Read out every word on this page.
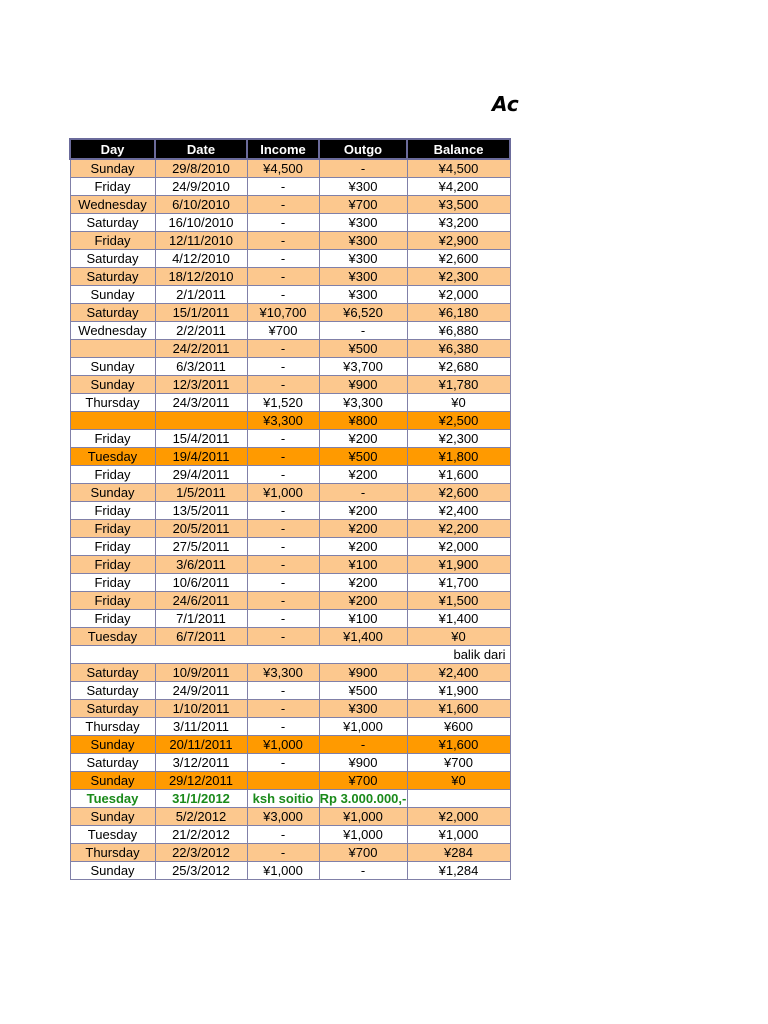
Ac
Day	Date	Income	Outgo	Balance
Sunday	29/8/2010	¥4,500	-	¥4,500
Friday	24/9/2010	-	¥300	¥4,200
Wednesday	6/10/2010	-	¥700	¥3,500
Saturday	16/10/2010	-	¥300	¥3,200
Friday	12/11/2010	-	¥300	¥2,900
Saturday	4/12/2010	-	¥300	¥2,600
Saturday	18/12/2010	-	¥300	¥2,300
Sunday	2/1/2011	-	¥300	¥2,000
Saturday	15/1/2011	¥10,700	¥6,520	¥6,180
Wednesday	2/2/2011	¥700	-	¥6,880
	24/2/2011	-	¥500	¥6,380
Sunday	6/3/2011	-	¥3,700	¥2,680
Sunday	12/3/2011	-	¥900	¥1,780
Thursday	24/3/2011	¥1,520	¥3,300	¥0
		¥3,300	¥800	¥2,500
Friday	15/4/2011	-	¥200	¥2,300
Tuesday	19/4/2011	-	¥500	¥1,800
Friday	29/4/2011	-	¥200	¥1,600
Sunday	1/5/2011	¥1,000	-	¥2,600
Friday	13/5/2011	-	¥200	¥2,400
Friday	20/5/2011	-	¥200	¥2,200
Friday	27/5/2011	-	¥200	¥2,000
Friday	3/6/2011	-	¥100	¥1,900
Friday	10/6/2011	-	¥200	¥1,700
Friday	24/6/2011	-	¥200	¥1,500
Friday	7/1/2011	-	¥100	¥1,400
Tuesday	6/7/2011	-	¥1,400	¥0
balik dari				
Saturday	10/9/2011	¥3,300	¥900	¥2,400
Saturday	24/9/2011	-	¥500	¥1,900
Saturday	1/10/2011	-	¥300	¥1,600
Thursday	3/11/2011	-	¥1,000	¥600
Sunday	20/11/2011	¥1,000	-	¥1,600
Saturday	3/12/2011	-	¥900	¥700
Sunday	29/12/2011		¥700	¥0
Tuesday	31/1/2012	ksh soitio	Rp 3.000.000,-	
Sunday	5/2/2012	¥3,000	¥1,000	¥2,000
Tuesday	21/2/2012	-	¥1,000	¥1,000
Thursday	22/3/2012	-	¥700	¥284
Sunday	25/3/2012	¥1,000	-	¥1,284
